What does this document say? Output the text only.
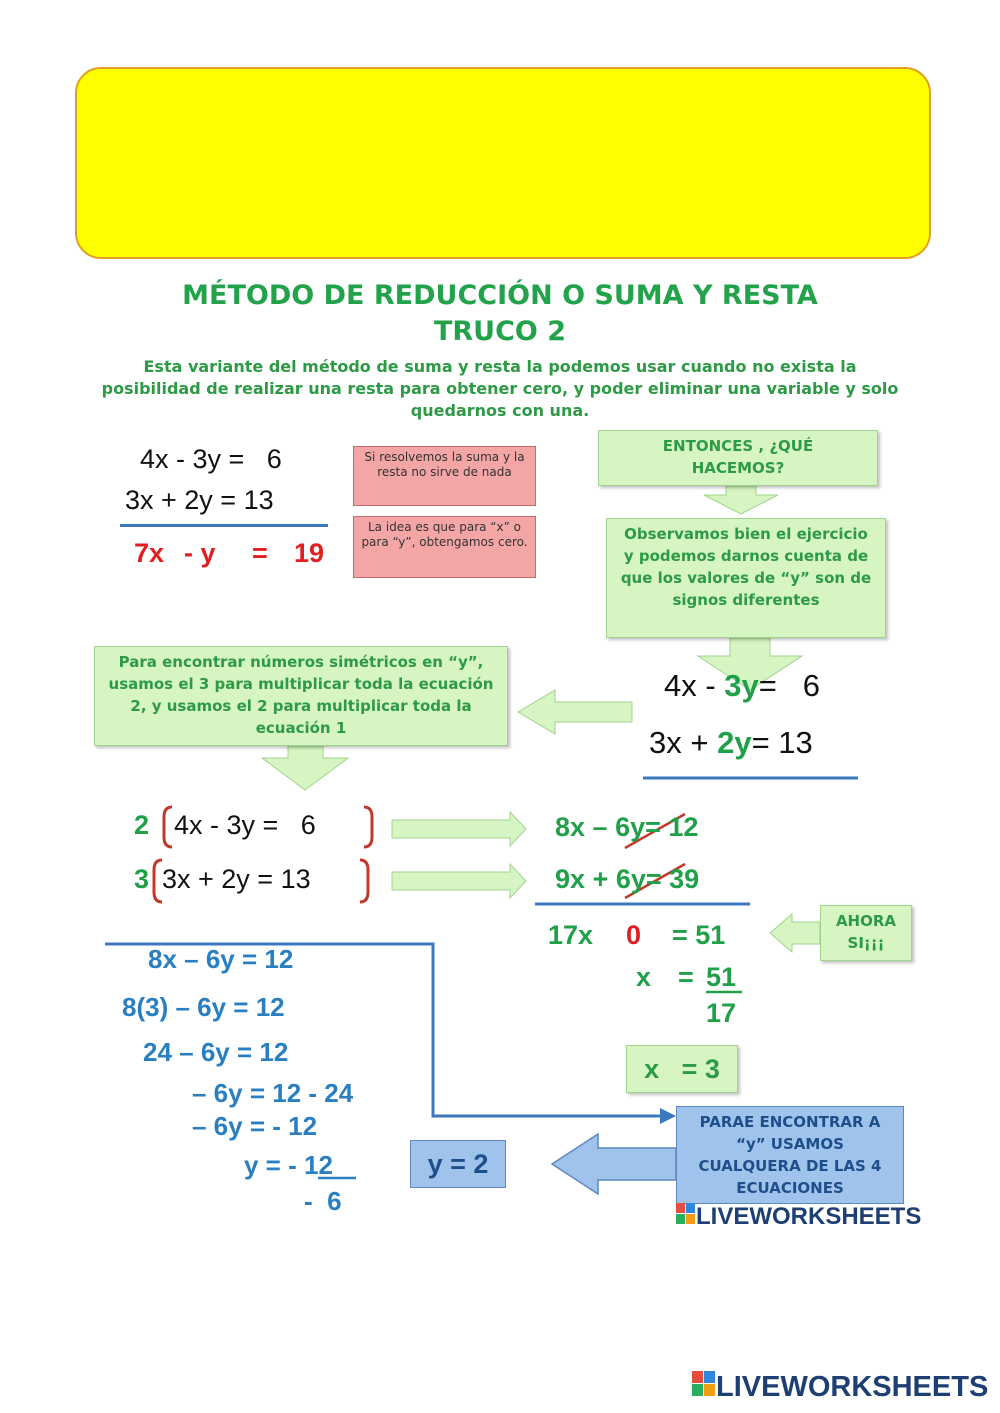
MÉTODO DE REDUCCIÓN O SUMA Y RESTA
TRUCO 2
Esta variante del método de suma y resta la podemos usar cuando no exista la posibilidad de realizar una resta para obtener cero, y poder eliminar una variable y solo quedarnos con una.
4x - 3y =   6
3x + 2y = 13
7x - y = 19
Si resolvemos la suma y la resta no sirve de nada
La idea es que para “x” o para “y”, obtengamos cero.
ENTONCES , ¿QUÉ HACEMOS?
Observamos bien el ejercicio y podemos darnos cuenta de que los valores de “y” son de signos diferentes
4x - 3y=   6
3x + 2y= 13
Para encontrar números simétricos en “y”, usamos el 3 para multiplicar toda la ecuación 2, y usamos el 2 para multiplicar toda la ecuación 1
2 4x - 3y =   6
3 3x + 2y = 13
8x – 6y= 12
9x + 6y= 39
17x 0 = 51
x = 51
17
x   = 3
AHORA SI¡¡¡
8x – 6y = 12
8(3) – 6y = 12
24 – 6y = 12
– 6y = 12 - 24
– 6y = - 12
y = - 12
-  6
y = 2
PARAE ENCONTRAR A “y” USAMOS CUALQUERA DE LAS 4 ECUACIONES
LIVEWORKSHEETS
LIVEWORKSHEETS
